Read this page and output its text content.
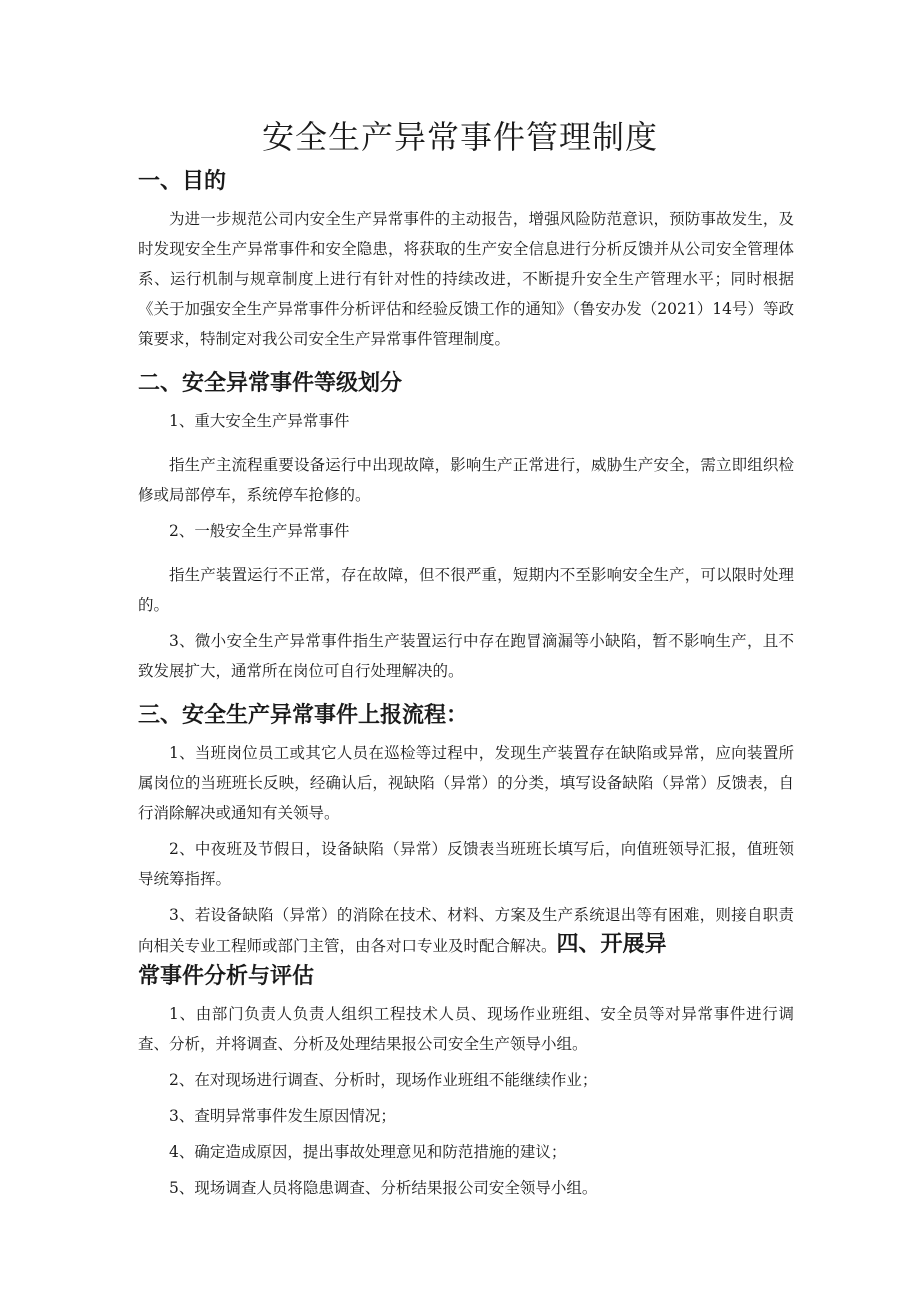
安全生产异常事件管理制度
一、目的

为进一步规范公司内安全生产异常事件的主动报告，增强风险防范意识，预防事故发生，及时发现安全生产异常事件和安全隐患，将获取的生产安全信息进行分析反馈并从公司安全管理体系、运行机制与规章制度上进行有针对性的持续改进，不断提升安全生产管理水平；同时根据《关于加强安全生产异常事件分析评估和经验反馈工作的通知》（鲁安办发（2021）14号）等政策要求，特制定对我公司安全生产异常事件管理制度。

二、安全异常事件等级划分

1、重大安全生产异常事件

指生产主流程重要设备运行中出现故障，影响生产正常进行，威胁生产安全，需立即组织检修或局部停车，系统停车抢修的。

2、一般安全生产异常事件

指生产装置运行不正常，存在故障，但不很严重，短期内不至影响安全生产，可以限时处理的。

3、微小安全生产异常事件指生产装置运行中存在跑冒滴漏等小缺陷，暂不影响生产，且不致发展扩大，通常所在岗位可自行处理解决的。

三、安全生产异常事件上报流程：

1、当班岗位员工或其它人员在巡检等过程中，发现生产装置存在缺陷或异常，应向装置所属岗位的当班班长反映，经确认后，视缺陷（异常）的分类，填写设备缺陷（异常）反馈表，自行消除解决或通知有关领导。

2、中夜班及节假日，设备缺陷（异常）反馈表当班班长填写后，向值班领导汇报，值班领导统筹指挥。

3、若设备缺陷（异常）的消除在技术、材料、方案及生产系统退出等有困难，则接自职责向相关专业工程师或部门主管，由各对口专业及时配合解决。四、开展异

常事件分析与评估

1、由部门负责人负责人组织工程技术人员、现场作业班组、安全员等对异常事件进行调查、分析，并将调查、分析及处理结果报公司安全生产领导小组。

2、在对现场进行调查、分析时，现场作业班组不能继续作业；

3、查明异常事件发生原因情况；

4、确定造成原因，提出事故处理意见和防范措施的建议；

5、现场调查人员将隐患调查、分析结果报公司安全领导小组。
